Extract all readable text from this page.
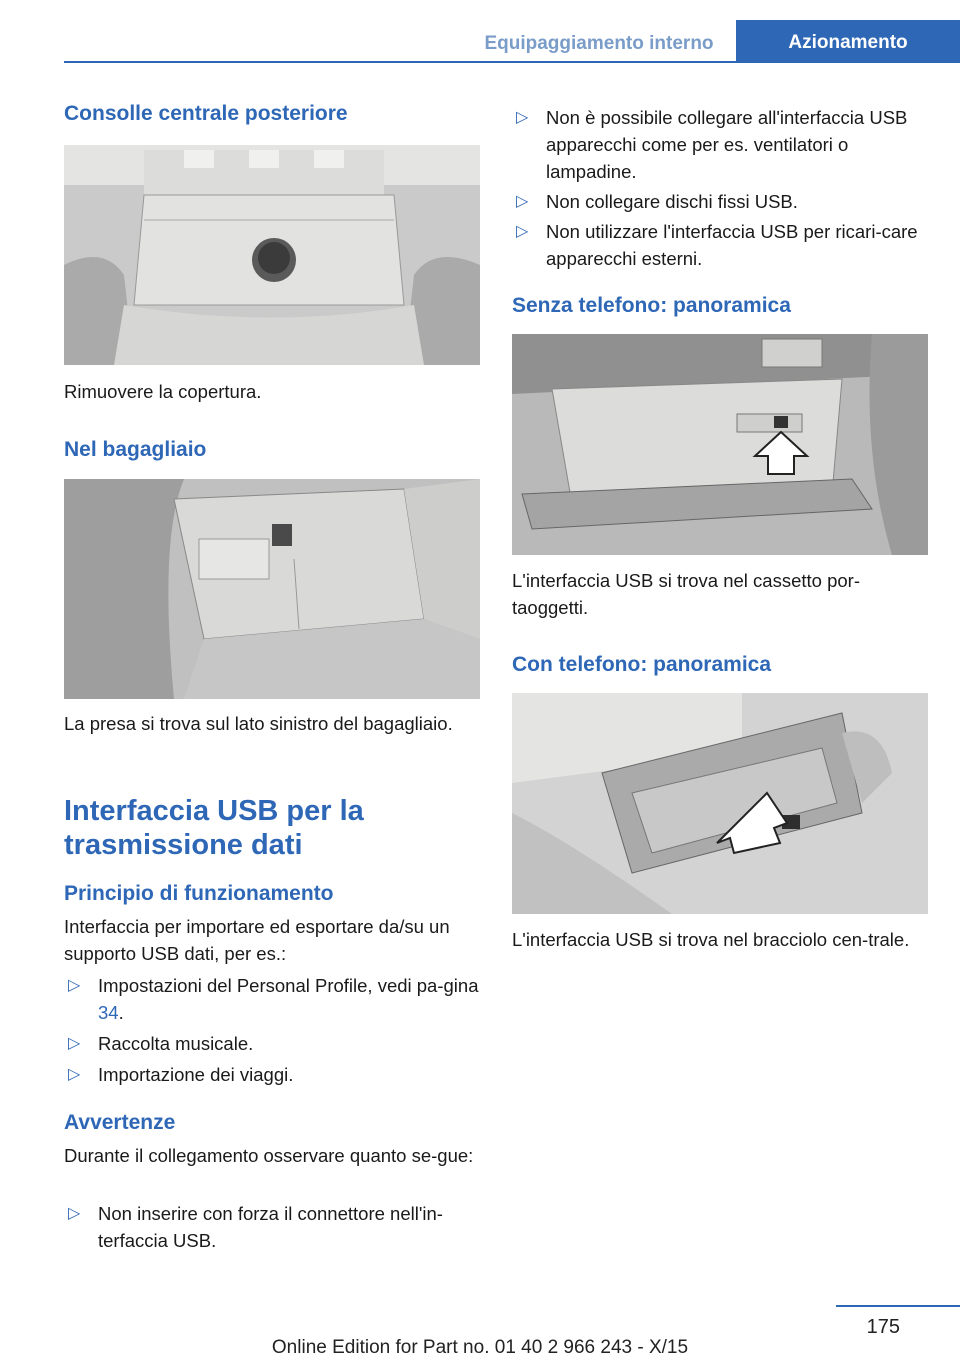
Equipaggiamento interno	Azionamento
Consolle centrale posteriore
Rimuovere la copertura.
Nel bagagliaio
La presa si trova sul lato sinistro del bagagliaio.
Interfaccia USB per la
trasmissione dati
Principio di funzionamento
Interfaccia per importare ed esportare da/su un supporto USB dati, per es.:
▷ Impostazioni del Personal Profile, vedi pa-gina 34.
▷ Raccolta musicale.
▷ Importazione dei viaggi.
Avvertenze
Durante il collegamento osservare quanto se-gue:
▷ Non inserire con forza il connettore nell'in-terfaccia USB.
▷ Non è possibile collegare all'interfaccia USB apparecchi come per es. ventilatori o lampadine.
▷ Non collegare dischi fissi USB.
▷ Non utilizzare l'interfaccia USB per ricari-care apparecchi esterni.
Senza telefono: panoramica
L'interfaccia USB si trova nel cassetto por-taoggetti.
Con telefono: panoramica
L'interfaccia USB si trova nel bracciolo cen-trale.
175
Online Edition for Part no. 01 40 2 966 243 - X/15
